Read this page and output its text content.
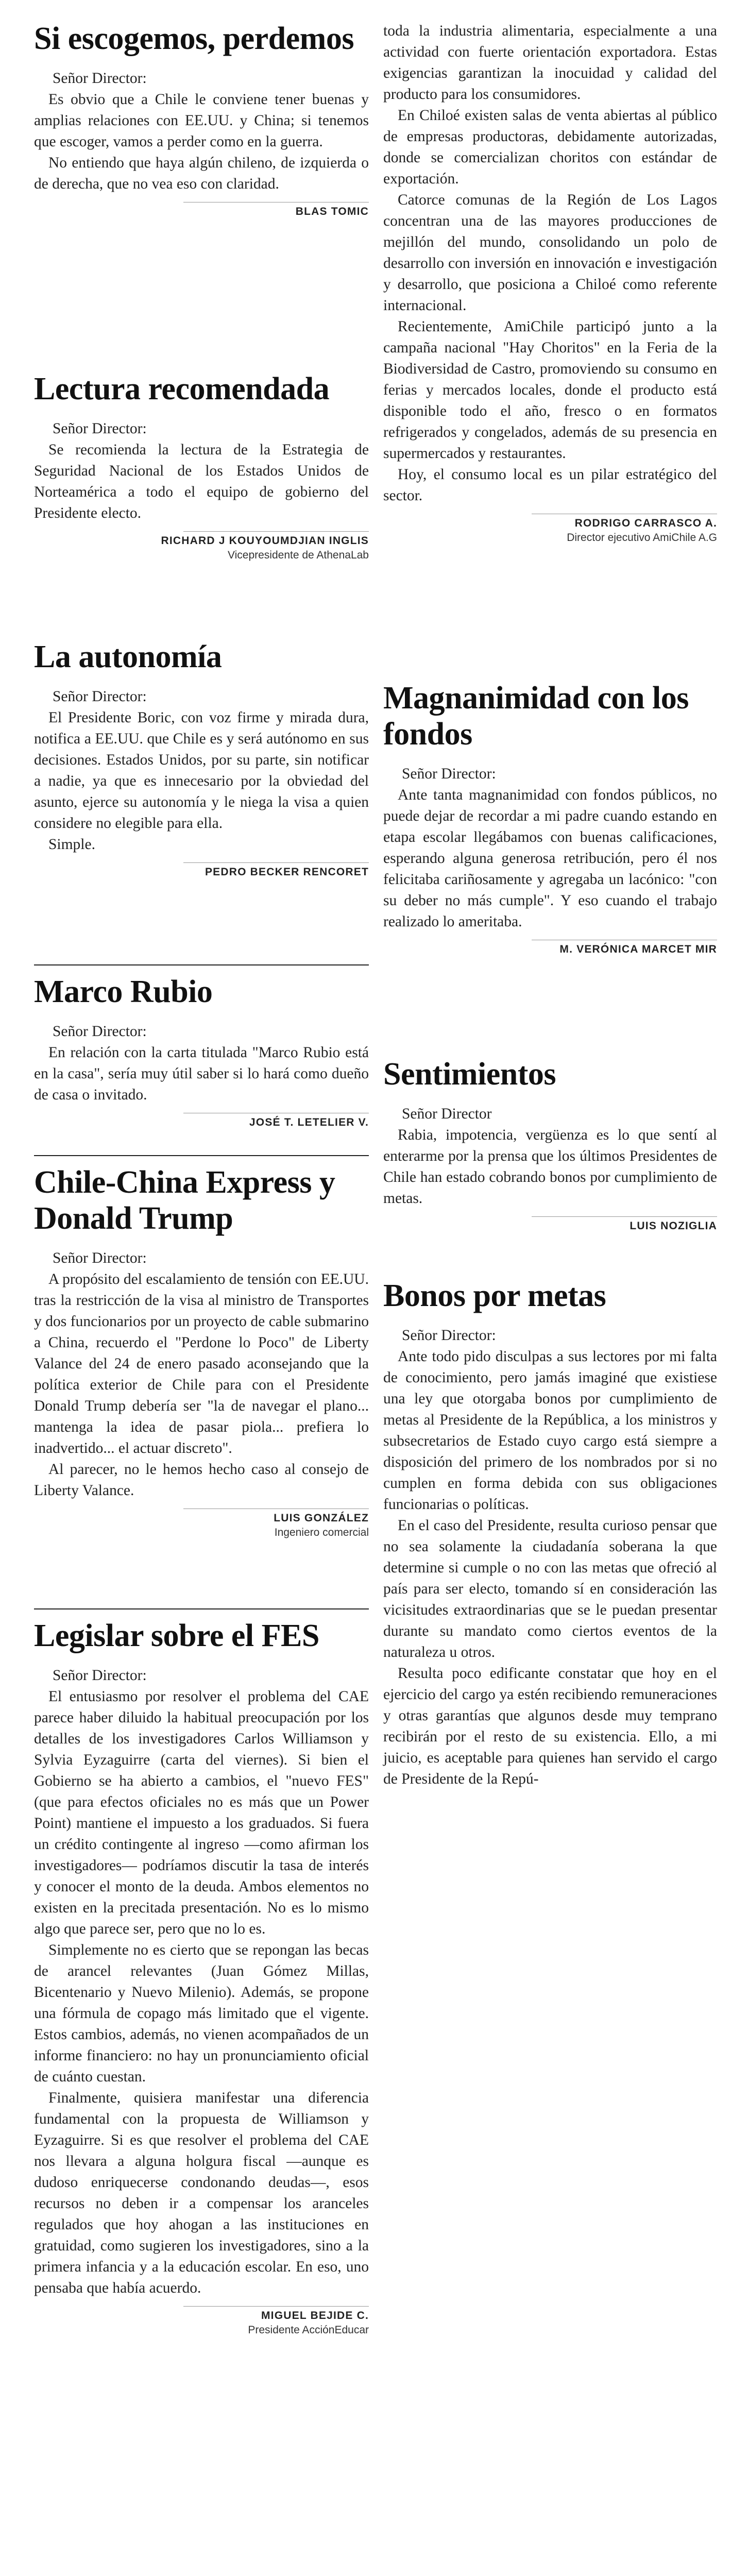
Si escogemos, perdemos

Señor Director:

Es obvio que a Chile le conviene tener buenas y amplias relaciones con EE.UU. y China; si tenemos que escoger, vamos a perder como en la guerra.

No entiendo que haya algún chileno, de izquierda o de derecha, que no vea eso con claridad.

BLAS TOMIC
Lectura recomendada

Señor Director:

Se recomienda la lectura de la Estrategia de Seguridad Nacional de los Estados Unidos de Norteamérica a todo el equipo de gobierno del Presidente electo.

RICHARD J KOUYOUMDJIAN INGLIS
Vicepresidente de AthenaLab
La autonomía

Señor Director:

El Presidente Boric, con voz firme y mirada dura, notifica a EE.UU. que Chile es y será autónomo en sus decisiones. Estados Unidos, por su parte, sin notificar a nadie, ya que es innecesario por la obviedad del asunto, ejerce su autonomía y le niega la visa a quien considere no elegible para ella.

Simple.

PEDRO BECKER RENCORET
Marco Rubio

Señor Director:

En relación con la carta titulada "Marco Rubio está en la casa", sería muy útil saber si lo hará como dueño de casa o invitado.

JOSÉ T. LETELIER V.
Chile-China Express y Donald Trump

Señor Director:

A propósito del escalamiento de tensión con EE.UU. tras la restricción de la visa al ministro de Transportes y dos funcionarios por un proyecto de cable submarino a China, recuerdo el "Perdone lo Poco" de Liberty Valance del 24 de enero pasado aconsejando que la política exterior de Chile para con el Presidente Donald Trump debería ser "la de navegar el plano... mantenga la idea de pasar piola... prefiera lo inadvertido... el actuar discreto".

Al parecer, no le hemos hecho caso al consejo de Liberty Valance.

LUIS GONZÁLEZ
Ingeniero comercial
Legislar sobre el FES

Señor Director:

El entusiasmo por resolver el problema del CAE parece haber diluido la habitual preocupación por los detalles de los investigadores Carlos Williamson y Sylvia Eyzaguirre (carta del viernes). Si bien el Gobierno se ha abierto a cambios, el "nuevo FES" (que para efectos oficiales no es más que un Power Point) mantiene el impuesto a los graduados. Si fuera un crédito contingente al ingreso —como afirman los investigadores— podríamos discutir la tasa de interés y conocer el monto de la deuda. Ambos elementos no existen en la precitada presentación. No es lo mismo algo que parece ser, pero que no lo es.

Simplemente no es cierto que se repongan las becas de arancel relevantes (Juan Gómez Millas, Bicentenario y Nuevo Milenio). Además, se propone una fórmula de copago más limitado que el vigente. Estos cambios, además, no vienen acompañados de un informe financiero: no hay un pronunciamiento oficial de cuánto cuestan.

Finalmente, quisiera manifestar una diferencia fundamental con la propuesta de Williamson y Eyzaguirre. Si es que resolver el problema del CAE nos llevara a alguna holgura fiscal —aunque es dudoso enriquecerse condonando deudas—, esos recursos no deben ir a compensar los aranceles regulados que hoy ahogan a las instituciones en gratuidad, como sugieren los investigadores, sino a la primera infancia y a la educación escolar. En eso, uno pensaba que había acuerdo.

MIGUEL BEJIDE C.
Presidente AcciónEducar

toda la industria alimentaria, especialmente a una actividad con fuerte orientación exportadora. Estas exigencias garantizan la inocuidad y calidad del producto para los consumidores.

En Chiloé existen salas de venta abiertas al público de empresas productoras, debidamente autorizadas, donde se comercializan choritos con estándar de exportación.

Catorce comunas de la Región de Los Lagos concentran una de las mayores producciones de mejillón del mundo, consolidando un polo de desarrollo con inversión en innovación e investigación y desarrollo, que posiciona a Chiloé como referente internacional.

Recientemente, AmiChile participó junto a la campaña nacional "Hay Choritos" en la Feria de la Biodiversidad de Castro, promoviendo su consumo en ferias y mercados locales, donde el producto está disponible todo el año, fresco o en formatos refrigerados y congelados, además de su presencia en supermercados y restaurantes.

Hoy, el consumo local es un pilar estratégico del sector.

RODRIGO CARRASCO A.
Director ejecutivo AmiChile A.G
Magnanimidad con los fondos

Señor Director:

Ante tanta magnanimidad con fondos públicos, no puede dejar de recordar a mi padre cuando estando en etapa escolar llegábamos con buenas calificaciones, esperando alguna generosa retribución, pero él nos felicitaba cariñosamente y agregaba un lacónico: "con su deber no más cumple". Y eso cuando el trabajo realizado lo ameritaba.

M. VERÓNICA MARCET MIR
Sentimientos

Señor Director

Rabia, impotencia, vergüenza es lo que sentí al enterarme por la prensa que los últimos Presidentes de Chile han estado cobrando bonos por cumplimiento de metas.

LUIS NOZIGLIA
Bonos por metas

Señor Director:

Ante todo pido disculpas a sus lectores por mi falta de conocimiento, pero jamás imaginé que existiese una ley que otorgaba bonos por cumplimiento de metas al Presidente de la República, a los ministros y subsecretarios de Estado cuyo cargo está siempre a disposición del primero de los nombrados por si no cumplen en forma debida con sus obligaciones funcionarias o políticas.

En el caso del Presidente, resulta curioso pensar que no sea solamente la ciudadanía soberana la que determine si cumple o no con las metas que ofreció al país para ser electo, tomando sí en consideración las vicisitudes extraordinarias que se le puedan presentar durante su mandato como ciertos eventos de la naturaleza u otros.

Resulta poco edificante constatar que hoy en el ejercicio del cargo ya estén recibiendo remuneraciones y otras garantías que algunos desde muy temprano recibirán por el resto de su existencia. Ello, a mi juicio, es aceptable para quienes han servido el cargo de Presidente de la Repú-
